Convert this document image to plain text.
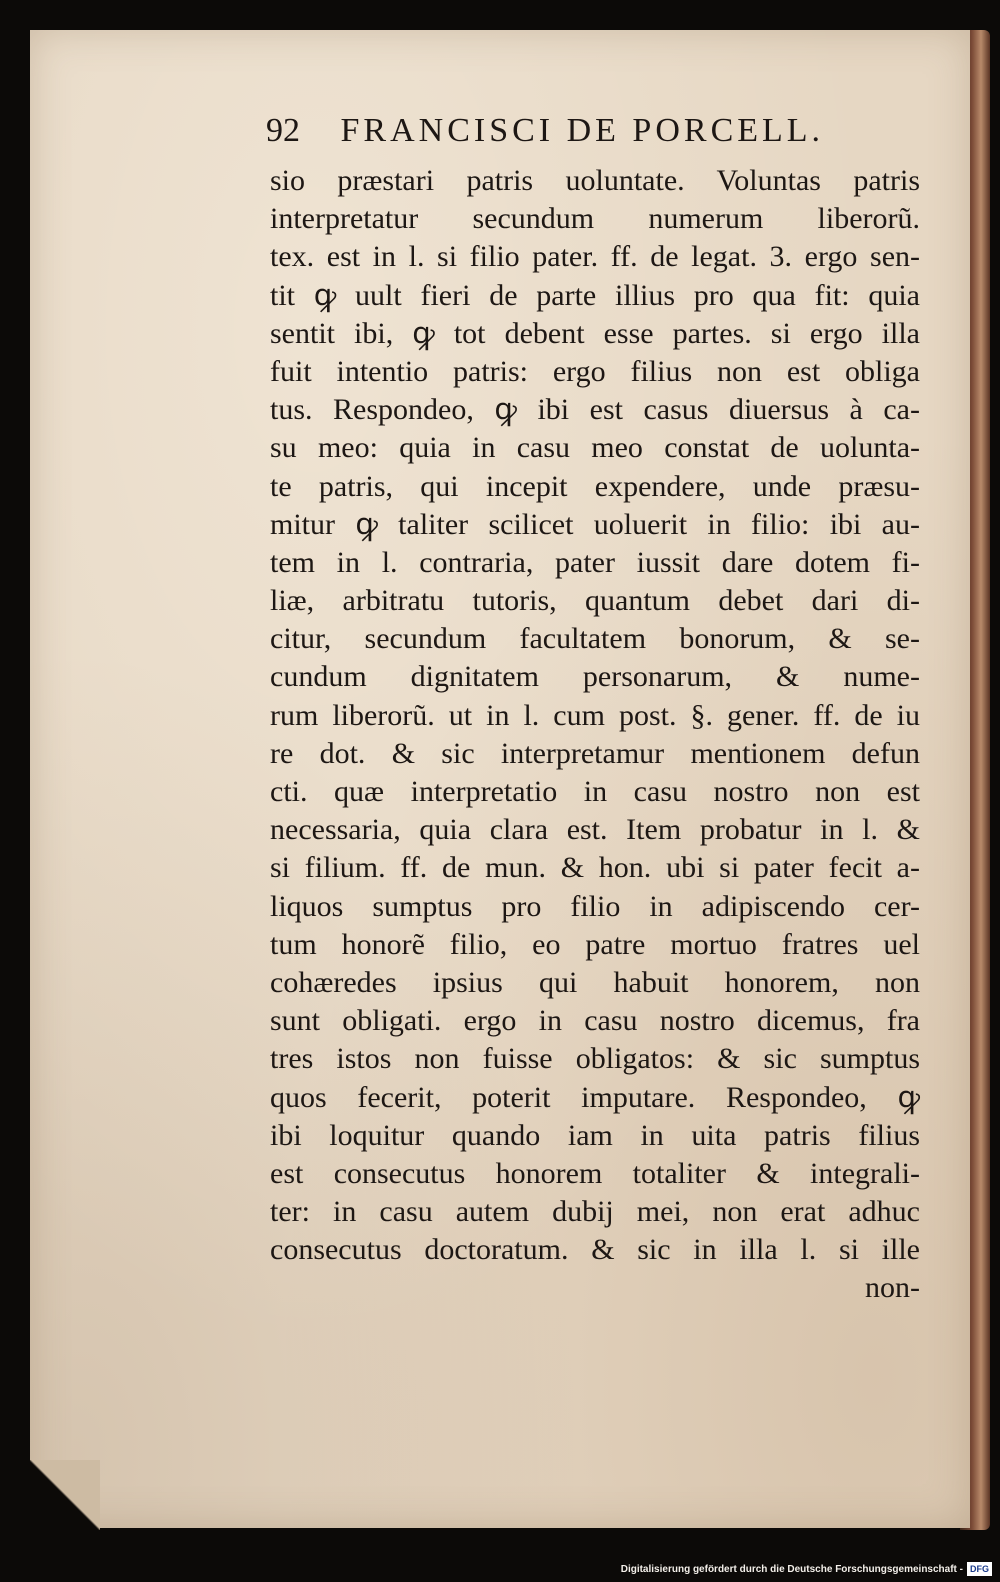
92 FRANCISCI DE PORCELL.
sio præstari patris uoluntate. Voluntas patris
interpretatur secundum numerum liberorũ.
tex. est in l. si filio pater. ff. de legat. 3. ergo sen-
tit ꝙ uult fieri de parte illius pro qua fit: quia
sentit ibi, ꝙ tot debent esse partes. si ergo illa
fuit intentio patris: ergo filius non est obliga
tus. Respondeo, ꝙ ibi est casus diuersus à ca-
su meo: quia in casu meo constat de uolunta-
te patris, qui incepit expendere, unde præsu-
mitur ꝙ taliter scilicet uoluerit in filio: ibi au-
tem in l. contraria, pater iussit dare dotem fi-
liæ, arbitratu tutoris, quantum debet dari di-
citur, secundum facultatem bonorum, & se-
cundum dignitatem personarum, & nume-
rum liberorũ. ut in l. cum post. §. gener. ff. de iu
re dot. & sic interpretamur mentionem defun
cti. quæ interpretatio in casu nostro non est
necessaria, quia clara est. Item probatur in l. &
si filium. ff. de mun. & hon. ubi si pater fecit a-
liquos sumptus pro filio in adipiscendo cer-
tum honorẽ filio, eo patre mortuo fratres uel
cohæredes ipsius qui habuit honorem, non
sunt obligati. ergo in casu nostro dicemus, fra
tres istos non fuisse obligatos: & sic sumptus
quos fecerit, poterit imputare. Respondeo, ꝙ
ibi loquitur quando iam in uita patris filius
est consecutus honorem totaliter & integrali-
ter: in casu autem dubij mei, non erat adhuc
consecutus doctoratum. & sic in illa l. si ille
non-
Digitalisierung gefördert durch die Deutsche Forschungsgemeinschaft - DFG
